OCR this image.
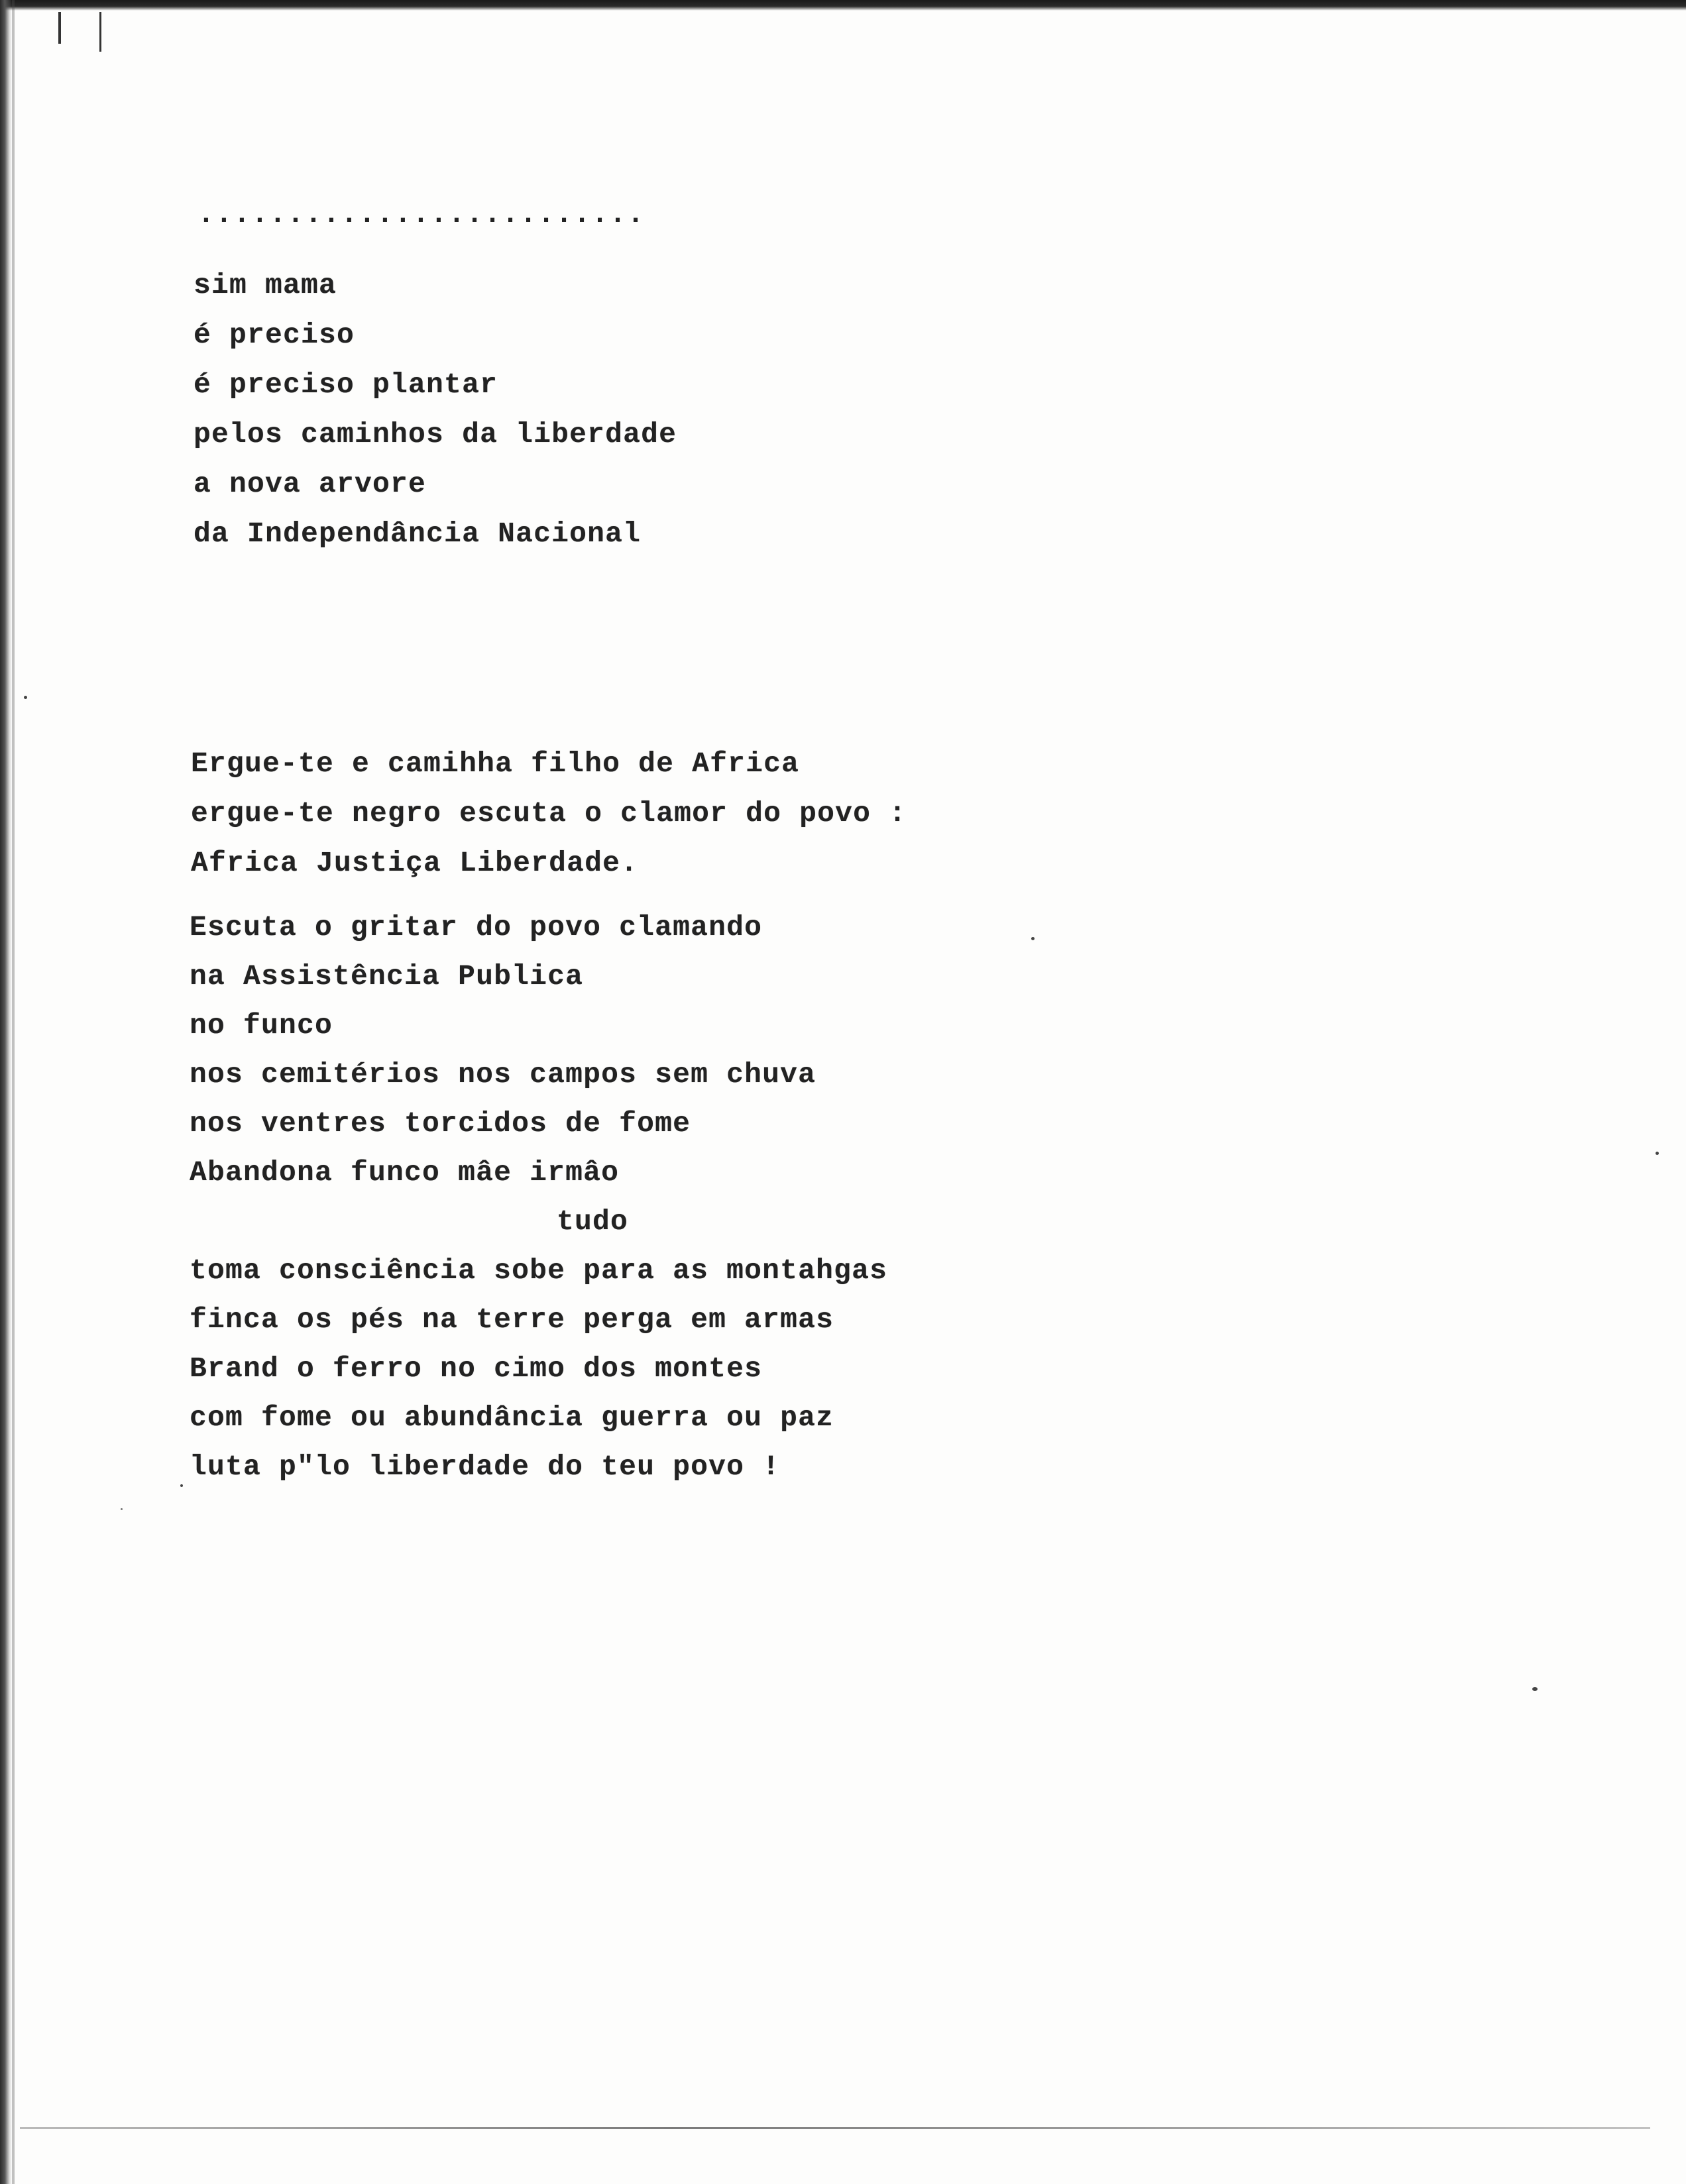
.........................
sim mama
é preciso
é preciso plantar
pelos caminhos da liberdade
a nova arvore
da Independância Nacional
Ergue-te e camihha filho de Africa
ergue-te negro escuta o clamor do povo :
Africa Justiça Liberdade.
Escuta o gritar do povo clamando
na Assistência Publica
no funco
nos cemitérios nos campos sem chuva
nos ventres torcidos de fome
Abandona funco mâe irmâo
tudo
toma consciência sobe para as montahgas
finca os pés na terre perga em armas
Brand o ferro no cimo dos montes
com fome ou abundância guerra ou paz
luta p"lo liberdade do teu povo !
